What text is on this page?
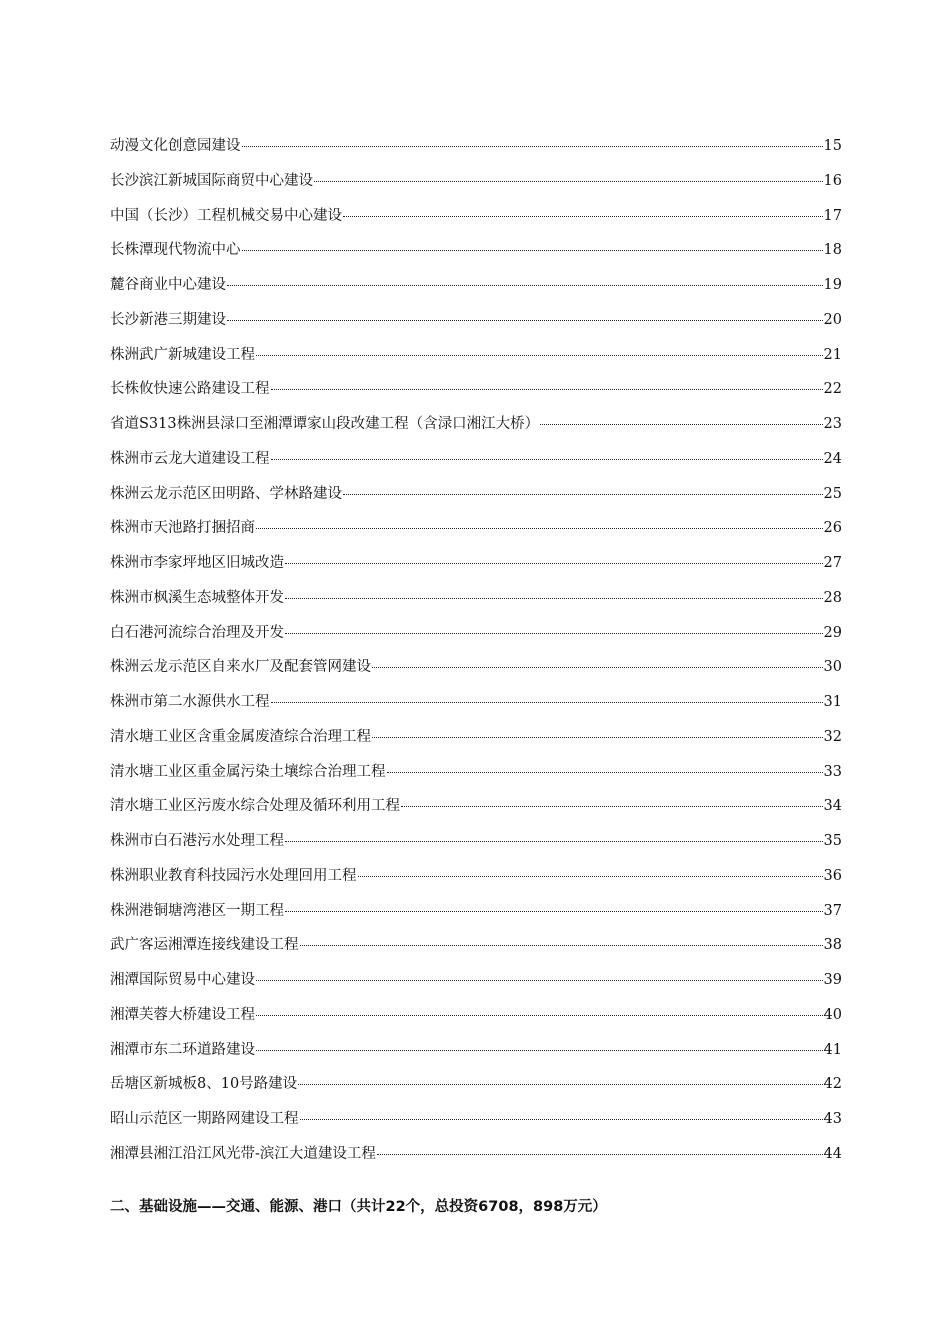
动漫文化创意园建设	15
长沙滨江新城国际商贸中心建设	16
中国（长沙）工程机械交易中心建设	17
长株潭现代物流中心	18
麓谷商业中心建设	19
长沙新港三期建设	20
株洲武广新城建设工程	21
长株攸快速公路建设工程	22
省道S313株洲县渌口至湘潭谭家山段改建工程（含渌口湘江大桥）	23
株洲市云龙大道建设工程	24
株洲云龙示范区田明路、学林路建设	25
株洲市天池路打捆招商	26
株洲市李家坪地区旧城改造	27
株洲市枫溪生态城整体开发	28
白石港河流综合治理及开发	29
株洲云龙示范区自来水厂及配套管网建设	30
株洲市第二水源供水工程	31
清水塘工业区含重金属废渣综合治理工程	32
清水塘工业区重金属污染土壤综合治理工程	33
清水塘工业区污废水综合处理及循环利用工程	34
株洲市白石港污水处理工程	35
株洲职业教育科技园污水处理回用工程	36
株洲港铜塘湾港区一期工程	37
武广客运湘潭连接线建设工程	38
湘潭国际贸易中心建设	39
湘潭芙蓉大桥建设工程	40
湘潭市东二环道路建设	41
岳塘区新城板8、10号路建设	42
昭山示范区一期路网建设工程	43
湘潭县湘江沿江风光带-滨江大道建设工程	44
二、基础设施——交通、能源、港口（共计22个，总投资6708，898万元）
